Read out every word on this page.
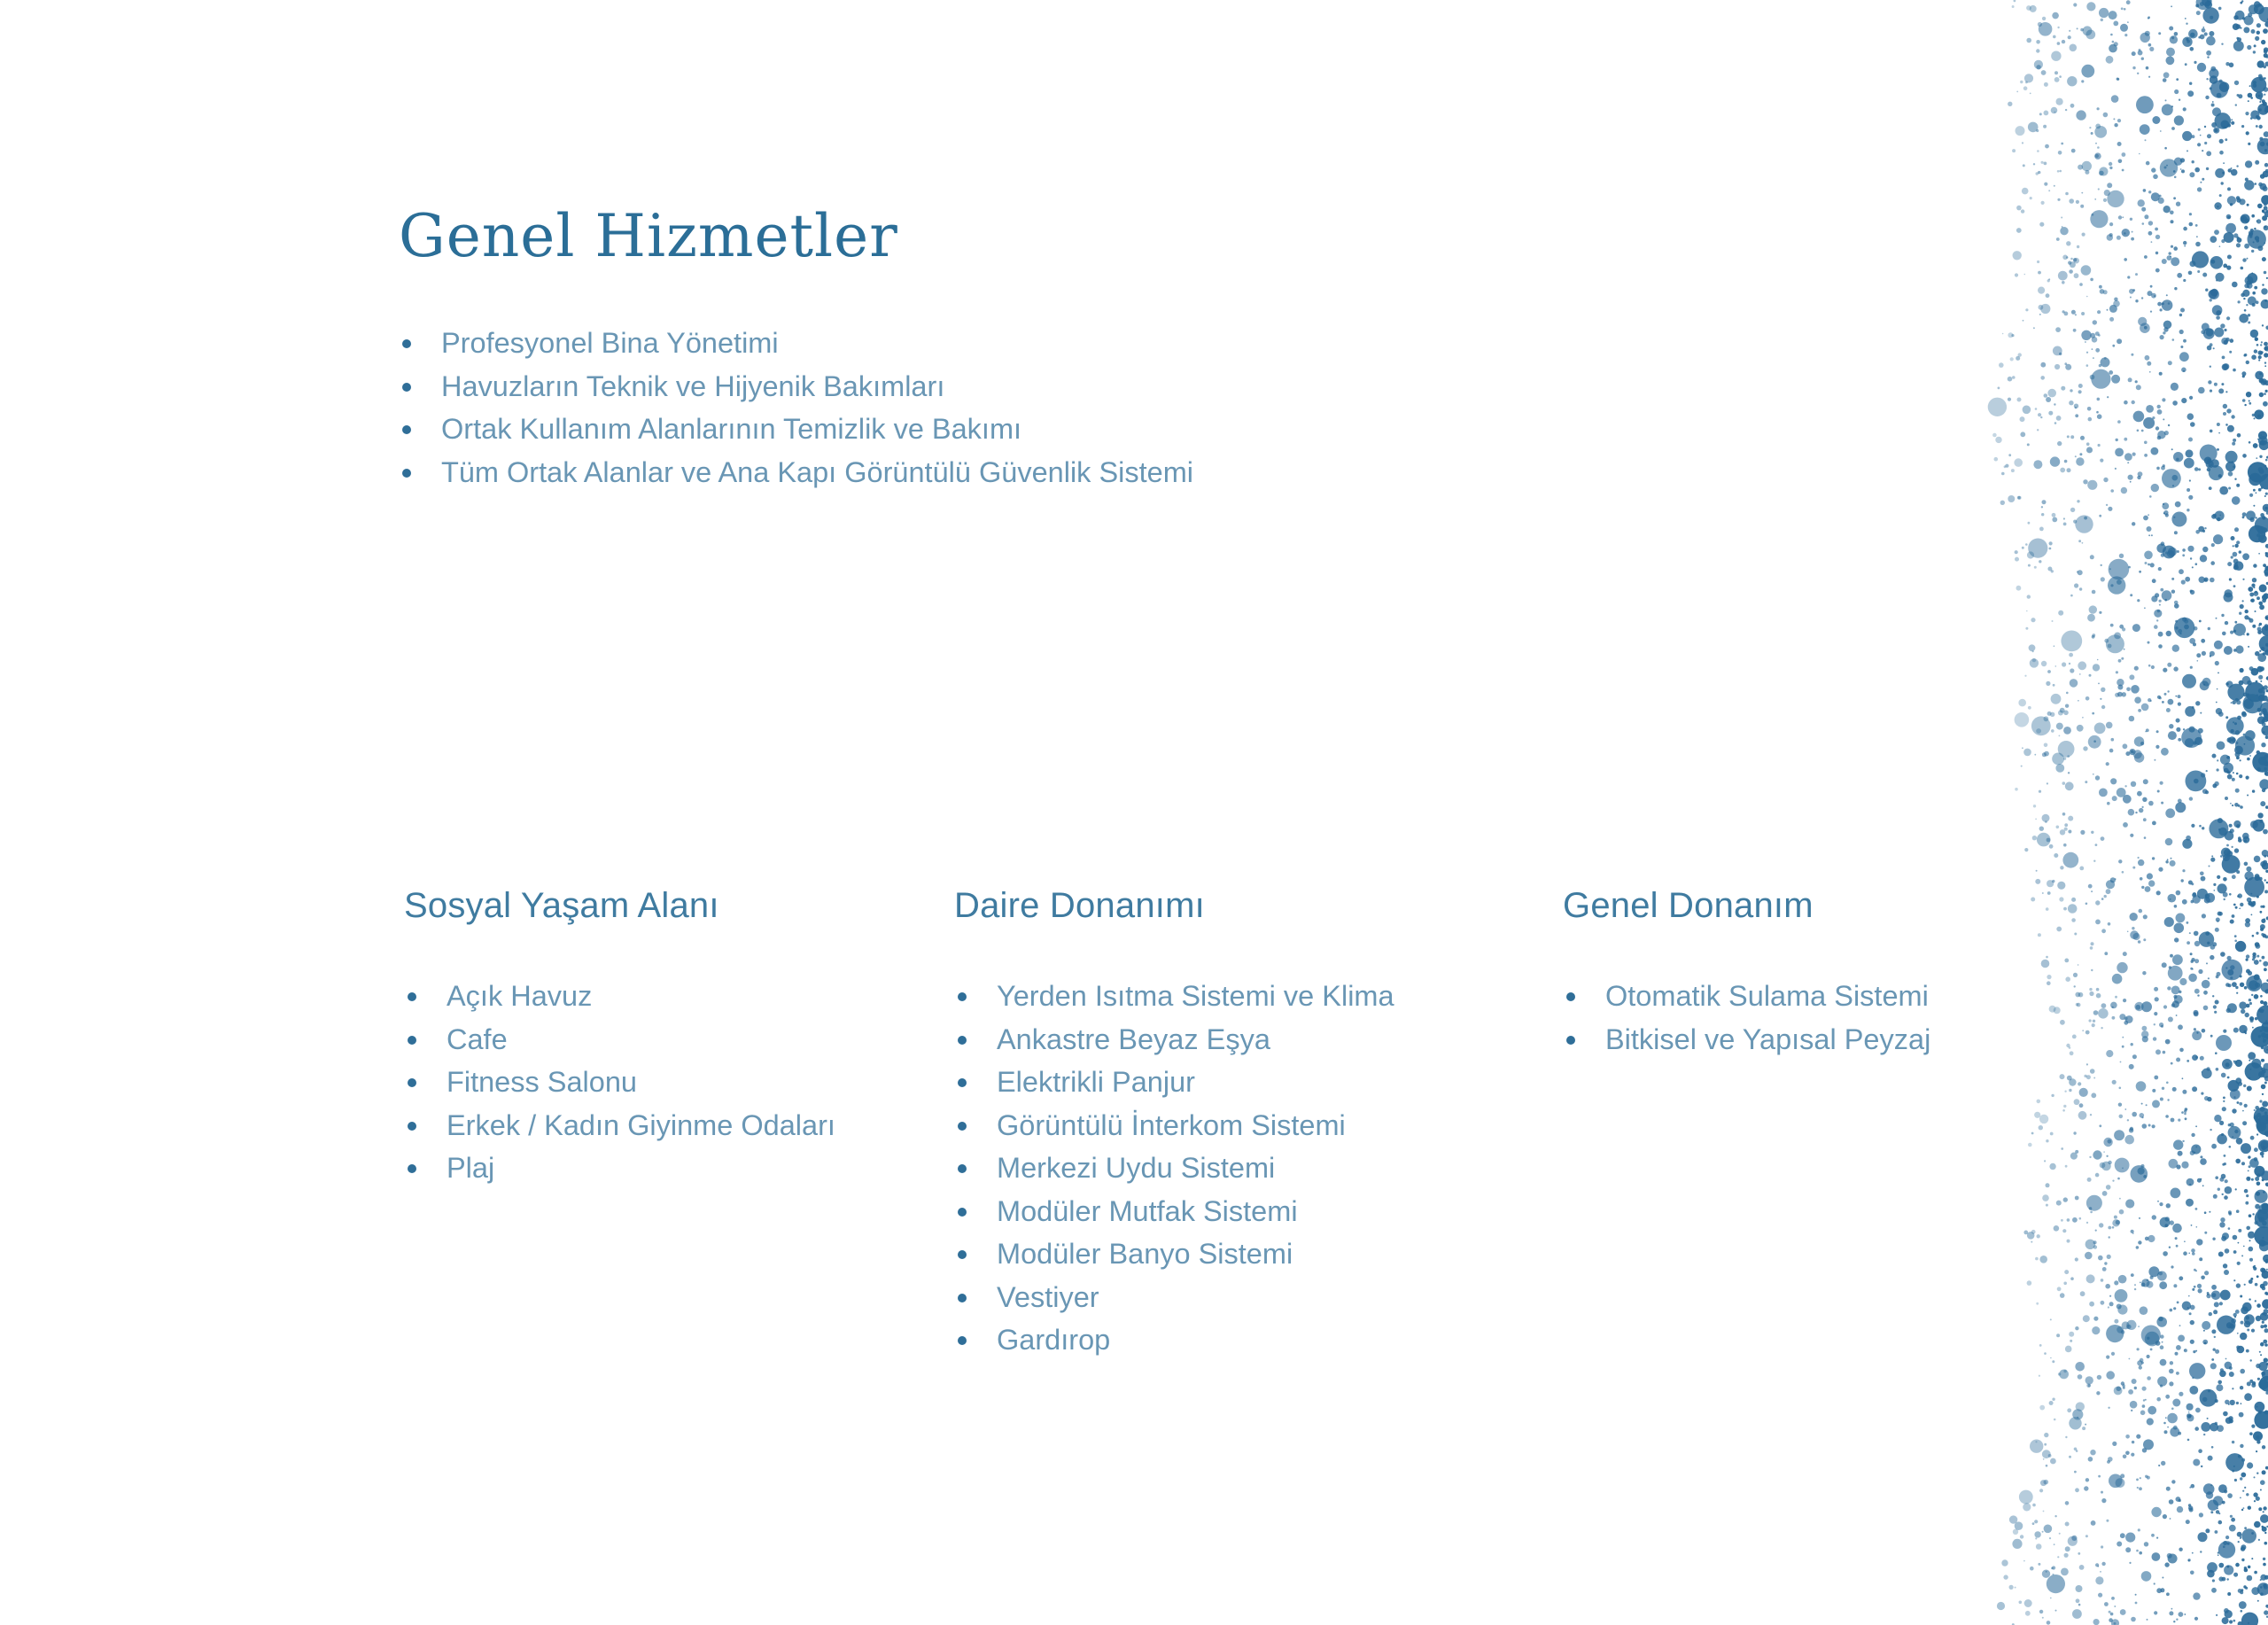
Genel Hizmetler
Profesyonel Bina Yönetimi
Havuzların Teknik ve Hijyenik Bakımları
Ortak Kullanım Alanlarının Temizlik ve Bakımı
Tüm Ortak Alanlar ve Ana Kapı Görüntülü Güvenlik Sistemi
Sosyal Yaşam Alanı
Açık Havuz
Cafe
Fitness Salonu
Erkek / Kadın Giyinme Odaları
Plaj
Daire Donanımı
Yerden Isıtma Sistemi ve Klima
Ankastre Beyaz Eşya
Elektrikli Panjur
Görüntülü İnterkom Sistemi
Merkezi Uydu Sistemi
Modüler Mutfak Sistemi
Modüler Banyo Sistemi
Vestiyer
Gardırop
Genel Donanım
Otomatik Sulama Sistemi
Bitkisel ve Yapısal Peyzaj
